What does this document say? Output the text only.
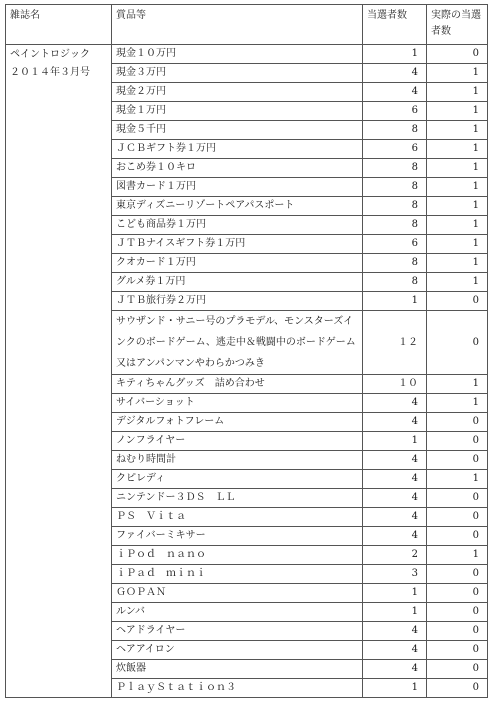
雑誌名	賞品等	当選者数	実際の当選者数

ペイントロジック
２０１４年３月号	現金１０万円	1	0
	現金３万円	4	1
	現金２万円	4	1
	現金１万円	6	1
	現金５千円	8	1
	ＪＣＢギフト券１万円	6	1
	おこめ券１０キロ	8	1
	図書カード１万円	8	1
	東京ディズニーリゾートペアパスポート	8	1
	こども商品券１万円	8	1
	ＪＴＢナイスギフト券１万円	6	1
	クオカード１万円	8	1
	グルメ券１万円	8	1
	ＪＴＢ旅行券２万円	1	0
	サウザンド・サニー号のプラモデル、モンスターズインクのボードゲーム、逃走中＆戦闘中のボードゲーム又はアンパンマンやわらかつみき	１２	0
	キティちゃんグッズ　詰め合わせ	１０	1
	サイバーショット	4	1
	デジタルフォトフレーム	4	0
	ノンフライヤー	1	0
	ねむり時間計	4	0
	クピレディ	4	1
	ニンテンドー３ＤＳ　ＬＬ	4	0
	ＰＳ　Ｖｉｔａ	4	0
	ファイバーミキサー	4	0
	ｉＰｏｄ　ｎａｎｏ	2	1
	ｉＰａｄ　ｍｉｎｉ	3	0
	ＧＯＰＡＮ	1	0
	ルンバ	1	0
	ヘアドライヤー	4	0
	ヘアアイロン	4	0
	炊飯器	4	0
	ＰｌａｙＳｔａｔｉｏｎ３	1	0
